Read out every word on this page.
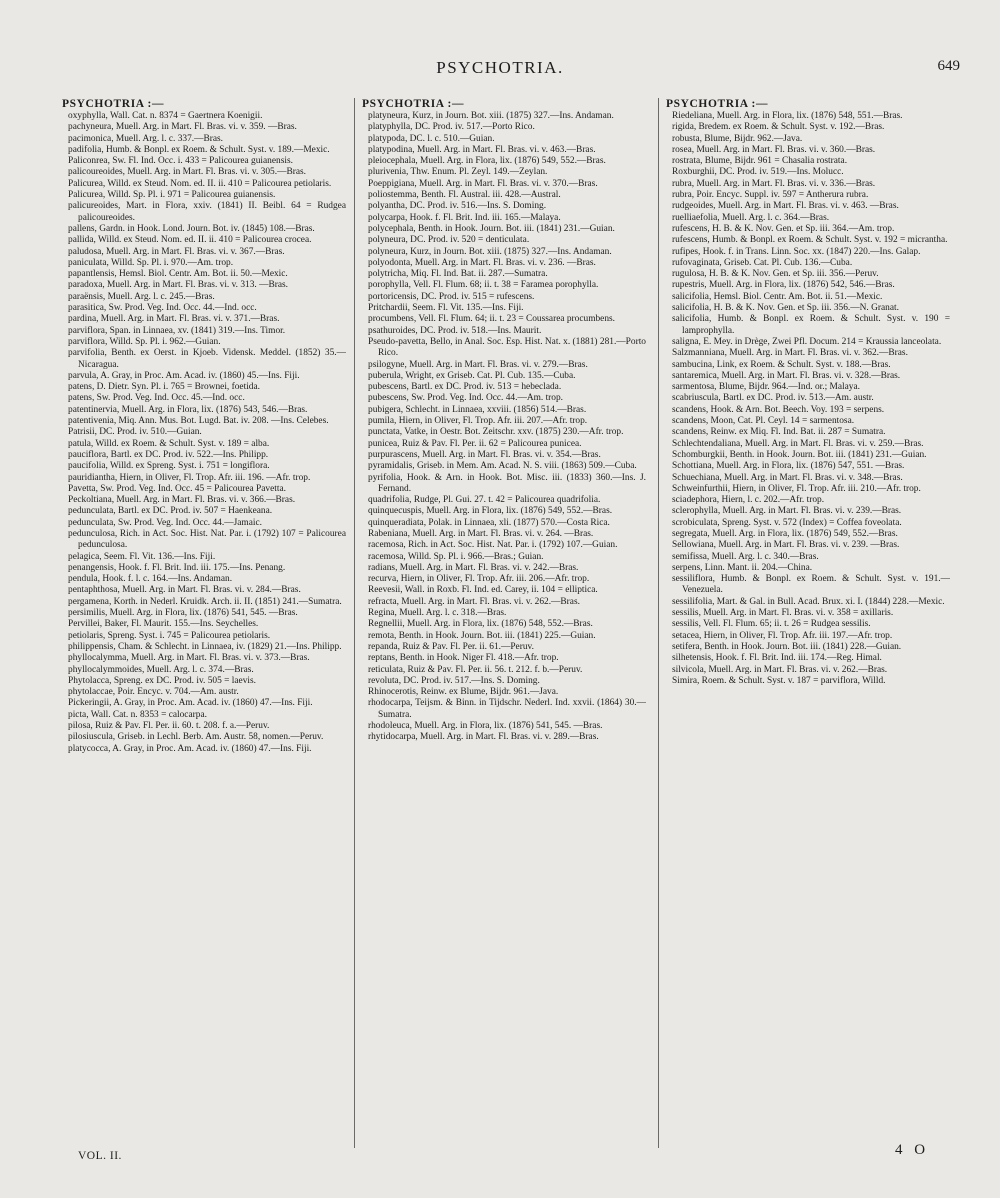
PSYCHOTRIA.	649
PSYCHOTRIA :—
oxyphylla, Wall. Cat. n. 8374 = Gaertnera Koenigii.
pachyneura, Muell. Arg. in Mart. Fl. Bras. vi. v. 359. —Bras.
pacimonica, Muell. Arg. l. c. 337.—Bras.
padifolia, Humb. & Bonpl. ex Roem. & Schult. Syst. v. 189.—Mexic.
Paliconrea, Sw. Fl. Ind. Occ. i. 433 = Palicourea guianensis.
palicoureoides, Muell. Arg. in Mart. Fl. Bras. vi. v. 305.—Bras.
Palicurea, Willd. ex Steud. Nom. ed. II. ii. 410 = Palicourea petiolaris.
Palicurea, Willd. Sp. Pl. i. 971 = Palicourea guianensis.
palicureoides, Mart. in Flora, xxiv. (1841) II. Beibl. 64 = Rudgea palicoureoides.
pallens, Gardn. in Hook. Lond. Journ. Bot. iv. (1845) 108.—Bras.
pallida, Willd. ex Steud. Nom. ed. II. ii. 410 = Palicourea crocea.
paludosa, Muell. Arg. in Mart. Fl. Bras. vi. v. 367.—Bras.
paniculata, Willd. Sp. Pl. i. 970.—Am. trop.
papantlensis, Hemsl. Biol. Centr. Am. Bot. ii. 50.—Mexic.
paradoxa, Muell. Arg. in Mart. Fl. Bras. vi. v. 313. —Bras.
paraënsis, Muell. Arg. l. c. 245.—Bras.
parasitica, Sw. Prod. Veg. Ind. Occ. 44.—Ind. occ.
pardina, Muell. Arg. in Mart. Fl. Bras. vi. v. 371.—Bras.
parviflora, Span. in Linnaea, xv. (1841) 319.—Ins. Timor.
parviflora, Willd. Sp. Pl. i. 962.—Guian.
parvifolia, Benth. ex Oerst. in Kjoeb. Vidensk. Meddel. (1852) 35.—Nicaragua.
parvula, A. Gray, in Proc. Am. Acad. iv. (1860) 45.—Ins. Fiji.
patens, D. Dietr. Syn. Pl. i. 765 = Brownei, foetida.
patens, Sw. Prod. Veg. Ind. Occ. 45.—Ind. occ.
patentinervia, Muell. Arg. in Flora, lix. (1876) 543, 546.—Bras.
patentivenia, Miq. Ann. Mus. Bot. Lugd. Bat. iv. 208. —Ins. Celebes.
Patrisii, DC. Prod. iv. 510.—Guian.
patula, Willd. ex Roem. & Schult. Syst. v. 189 = alba.
pauciflora, Bartl. ex DC. Prod. iv. 522.—Ins. Philipp.
paucifolia, Willd. ex Spreng. Syst. i. 751 = longiflora.
pauridiantha, Hiern, in Oliver, Fl. Trop. Afr. iii. 196. —Afr. trop.
Pavetta, Sw. Prod. Veg. Ind. Occ. 45 = Palicourea Pavetta.
Peckoltiana, Muell. Arg. in Mart. Fl. Bras. vi. v. 366.—Bras.
pedunculata, Bartl. ex DC. Prod. iv. 507 = Haenkeana.
pedunculata, Sw. Prod. Veg. Ind. Occ. 44.—Jamaic.
pedunculosa, Rich. in Act. Soc. Hist. Nat. Par. i. (1792) 107 = Palicourea pedunculosa.
pelagica, Seem. Fl. Vit. 136.—Ins. Fiji.
penangensis, Hook. f. Fl. Brit. Ind. iii. 175.—Ins. Penang.
pendula, Hook. f. l. c. 164.—Ins. Andaman.
pentaphthosa, Muell. Arg. in Mart. Fl. Bras. vi. v. 284.—Bras.
pergamena, Korth. in Nederl. Kruidk. Arch. ii. II. (1851) 241.—Sumatra.
persimilis, Muell. Arg. in Flora, lix. (1876) 541, 545. —Bras.
Pervillei, Baker, Fl. Maurit. 155.—Ins. Seychelles.
petiolaris, Spreng. Syst. i. 745 = Palicourea petiolaris.
philippensis, Cham. & Schlecht. in Linnaea, iv. (1829) 21.—Ins. Philipp.
phyllocalymma, Muell. Arg. in Mart. Fl. Bras. vi. v. 373.—Bras.
phyllocalymmoides, Muell. Arg. l. c. 374.—Bras.
Phytolacca, Spreng. ex DC. Prod. iv. 505 = laevis.
phytolaccae, Poir. Encyc. v. 704.—Am. austr.
Pickeringii, A. Gray, in Proc. Am. Acad. iv. (1860) 47.—Ins. Fiji.
picta, Wall. Cat. n. 8353 = calocarpa.
pilosa, Ruiz & Pav. Fl. Per. ii. 60. t. 208. f. a.—Peruv.
pilosiuscula, Griseb. in Lechl. Berb. Am. Austr. 58, nomen.—Peruv.
platycocca, A. Gray, in Proc. Am. Acad. iv. (1860) 47.—Ins. Fiji.
PSYCHOTRIA :—
platyneura, Kurz, in Journ. Bot. xiii. (1875) 327.—Ins. Andaman.
platyphylla, DC. Prod. iv. 517.—Porto Rico.
platypoda, DC. l. c. 510.—Guian.
platypodina, Muell. Arg. in Mart. Fl. Bras. vi. v. 463.—Bras.
pleiocephala, Muell. Arg. in Flora, lix. (1876) 549, 552.—Bras.
plurivenia, Thw. Enum. Pl. Zeyl. 149.—Zeylan.
Poeppigiana, Muell. Arg. in Mart. Fl. Bras. vi. v. 370.—Bras.
poliostemma, Benth. Fl. Austral. iii. 428.—Austral.
polyantha, DC. Prod. iv. 516.—Ins. S. Doming.
polycarpa, Hook. f. Fl. Brit. Ind. iii. 165.—Malaya.
polycephala, Benth. in Hook. Journ. Bot. iii. (1841) 231.—Guian.
polyneura, DC. Prod. iv. 520 = denticulata.
polyneura, Kurz, in Journ. Bot. xiii. (1875) 327.—Ins. Andaman.
polyodonta, Muell. Arg. in Mart. Fl. Bras. vi. v. 236. —Bras.
polytricha, Miq. Fl. Ind. Bat. ii. 287.—Sumatra.
porophylla, Vell. Fl. Flum. 68; ii. t. 38 = Faramea porophylla.
portoricensis, DC. Prod. iv. 515 = rufescens.
Pritchardii, Seem. Fl. Vit. 135.—Ins. Fiji.
procumbens, Vell. Fl. Flum. 64; ii. t. 23 = Coussarea procumbens.
psathuroides, DC. Prod. iv. 518.—Ins. Maurit.
Pseudo-pavetta, Bello, in Anal. Soc. Esp. Hist. Nat. x. (1881) 281.—Porto Rico.
psilogyne, Muell. Arg. in Mart. Fl. Bras. vi. v. 279.—Bras.
puberula, Wright, ex Griseb. Cat. Pl. Cub. 135.—Cuba.
pubescens, Bartl. ex DC. Prod. iv. 513 = hebeclada.
pubescens, Sw. Prod. Veg. Ind. Occ. 44.—Am. trop.
pubigera, Schlecht. in Linnaea, xxviii. (1856) 514.—Bras.
pumila, Hiern, in Oliver, Fl. Trop. Afr. iii. 207.—Afr. trop.
punctata, Vatke, in Oestr. Bot. Zeitschr. xxv. (1875) 230.—Afr. trop.
punicea, Ruiz & Pav. Fl. Per. ii. 62 = Palicourea punicea.
purpurascens, Muell. Arg. in Mart. Fl. Bras. vi. v. 354.—Bras.
pyramidalis, Griseb. in Mem. Am. Acad. N. S. viii. (1863) 509.—Cuba.
pyrifolia, Hook. & Arn. in Hook. Bot. Misc. iii. (1833) 360.—Ins. J. Fernand.
quadrifolia, Rudge, Pl. Gui. 27. t. 42 = Palicourea quadrifolia.
quinquecuspis, Muell. Arg. in Flora, lix. (1876) 549, 552.—Bras.
quinqueradiata, Polak. in Linnaea, xli. (1877) 570.—Costa Rica.
Rabeniana, Muell. Arg. in Mart. Fl. Bras. vi. v. 264. —Bras.
racemosa, Rich. in Act. Soc. Hist. Nat. Par. i. (1792) 107.—Guian.
racemosa, Willd. Sp. Pl. i. 966.—Bras.; Guian.
radians, Muell. Arg. in Mart. Fl. Bras. vi. v. 242.—Bras.
recurva, Hiern, in Oliver, Fl. Trop. Afr. iii. 206.—Afr. trop.
Reevesii, Wall. in Roxb. Fl. Ind. ed. Carey, ii. 104 = elliptica.
refracta, Muell. Arg. in Mart. Fl. Bras. vi. v. 262.—Bras.
Regina, Muell. Arg. l. c. 318.—Bras.
Regnellii, Muell. Arg. in Flora, lix. (1876) 548, 552.—Bras.
remota, Benth. in Hook. Journ. Bot. iii. (1841) 225.—Guian.
repanda, Ruiz & Pav. Fl. Per. ii. 61.—Peruv.
reptans, Benth. in Hook. Niger Fl. 418.—Afr. trop.
reticulata, Ruiz & Pav. Fl. Per. ii. 56. t. 212. f. b.—Peruv.
revoluta, DC. Prod. iv. 517.—Ins. S. Doming.
Rhinocerotis, Reinw. ex Blume, Bijdr. 961.—Java.
rhodocarpa, Teijsm. & Binn. in Tijdschr. Nederl. Ind. xxvii. (1864) 30.—Sumatra.
rhodoleuca, Muell. Arg. in Flora, lix. (1876) 541, 545. —Bras.
rhytidocarpa, Muell. Arg. in Mart. Fl. Bras. vi. v. 289.—Bras.
PSYCHOTRIA :—
Riedeliana, Muell. Arg. in Flora, lix. (1876) 548, 551.—Bras.
rigida, Bredem. ex Roem. & Schult. Syst. v. 192.—Bras.
robusta, Blume, Bijdr. 962.—Java.
rosea, Muell. Arg. in Mart. Fl. Bras. vi. v. 360.—Bras.
rostrata, Blume, Bijdr. 961 = Chasalia rostrata.
Roxburghii, DC. Prod. iv. 519.—Ins. Molucc.
rubra, Muell. Arg. in Mart. Fl. Bras. vi. v. 336.—Bras.
rubra, Poir. Encyc. Suppl. iv. 597 = Antherura rubra.
rudgeoides, Muell. Arg. in Mart. Fl. Bras. vi. v. 463. —Bras.
ruelliaefolia, Muell. Arg. l. c. 364.—Bras.
rufescens, H. B. & K. Nov. Gen. et Sp. iii. 364.—Am. trop.
rufescens, Humb. & Bonpl. ex Roem. & Schult. Syst. v. 192 = micrantha.
rufipes, Hook. f. in Trans. Linn. Soc. xx. (1847) 220.—Ins. Galap.
rufovaginata, Griseb. Cat. Pl. Cub. 136.—Cuba.
rugulosa, H. B. & K. Nov. Gen. et Sp. iii. 356.—Peruv.
rupestris, Muell. Arg. in Flora, lix. (1876) 542, 546.—Bras.
salicifolia, Hemsl. Biol. Centr. Am. Bot. ii. 51.—Mexic.
salicifolia, H. B. & K. Nov. Gen. et Sp. iii. 356.—N. Granat.
salicifolia, Humb. & Bonpl. ex Roem. & Schult. Syst. v. 190 = lamprophylla.
saligna, E. Mey. in Drège, Zwei Pfl. Docum. 214 = Kraussia lanceolata.
Salzmanniana, Muell. Arg. in Mart. Fl. Bras. vi. v. 362.—Bras.
sambucina, Link, ex Roem. & Schult. Syst. v. 188.—Bras.
santaremica, Muell. Arg. in Mart. Fl. Bras. vi. v. 328.—Bras.
sarmentosa, Blume, Bijdr. 964.—Ind. or.; Malaya.
scabriuscula, Bartl. ex DC. Prod. iv. 513.—Am. austr.
scandens, Hook. & Arn. Bot. Beech. Voy. 193 = serpens.
scandens, Moon, Cat. Pl. Ceyl. 14 = sarmentosa.
scandens, Reinw. ex Miq. Fl. Ind. Bat. ii. 287 = Sumatra.
Schlechtendaliana, Muell. Arg. in Mart. Fl. Bras. vi. v. 259.—Bras.
Schomburgkii, Benth. in Hook. Journ. Bot. iii. (1841) 231.—Guian.
Schottiana, Muell. Arg. in Flora, lix. (1876) 547, 551. —Bras.
Schuechiana, Muell. Arg. in Mart. Fl. Bras. vi. v. 348.—Bras.
Schweinfurthii, Hiern, in Oliver, Fl. Trop. Afr. iii. 210.—Afr. trop.
sciadephora, Hiern, l. c. 202.—Afr. trop.
sclerophylla, Muell. Arg. in Mart. Fl. Bras. vi. v. 239.—Bras.
scrobiculata, Spreng. Syst. v. 572 (Index) = Coffea foveolata.
segregata, Muell. Arg. in Flora, lix. (1876) 549, 552.—Bras.
Sellowiana, Muell. Arg. in Mart. Fl. Bras. vi. v. 239. —Bras.
semifissa, Muell. Arg. l. c. 340.—Bras.
serpens, Linn. Mant. ii. 204.—China.
sessiliflora, Humb. & Bonpl. ex Roem. & Schult. Syst. v. 191.—Venezuela.
sessilifolia, Mart. & Gal. in Bull. Acad. Brux. xi. I. (1844) 228.—Mexic.
sessilis, Muell. Arg. in Mart. Fl. Bras. vi. v. 358 = axillaris.
sessilis, Vell. Fl. Flum. 65; ii. t. 26 = Rudgea sessilis.
setacea, Hiern, in Oliver, Fl. Trop. Afr. iii. 197.—Afr. trop.
setifera, Benth. in Hook. Journ. Bot. iii. (1841) 228.—Guian.
silhetensis, Hook. f. Fl. Brit. Ind. iii. 174.—Reg. Himal.
silvicola, Muell. Arg. in Mart. Fl. Bras. vi. v. 262.—Bras.
Simira, Roem. & Schult. Syst. v. 187 = parviflora, Willd.
VOL. II.	4 O
